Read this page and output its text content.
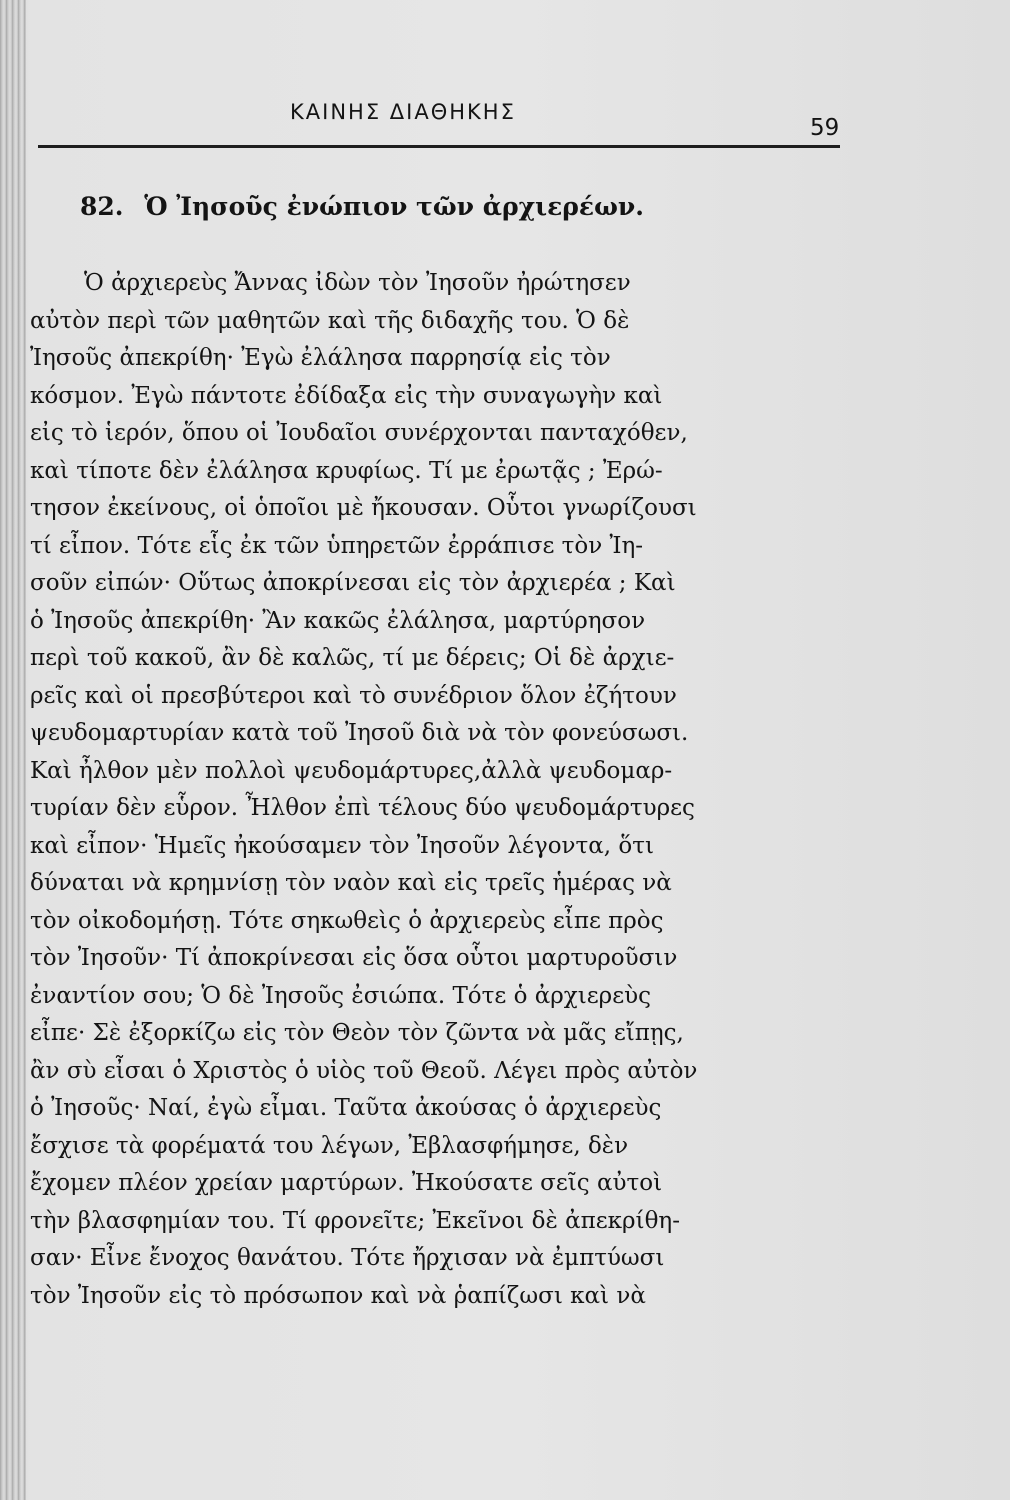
ΚΑΙΝΗΣ ΔΙΑΘΗΚΗΣ
59
82. Ὁ Ἰησοῦς ἐνώπιον τῶν ἀρχιερέων.
Ὁ ἀρχιερεὺς Ἄννας ἰδὼν τὸν Ἰησοῦν ἠρώτησεν
αὐτὸν περὶ τῶν μαθητῶν καὶ τῆς διδαχῆς του. Ὁ δὲ
Ἰησοῦς ἀπεκρίθη· Ἐγὼ ἐλάλησα παρρησίᾳ εἰς τὸν
κόσμον. Ἐγὼ πάντοτε ἐδίδαξα εἰς τὴν συναγωγὴν καὶ
εἰς τὸ ἱερόν, ὅπου οἱ Ἰουδαῖοι συνέρχονται πανταχόθεν,
καὶ τίποτε δὲν ἐλάλησα κρυφίως. Τί με ἐρωτᾷς ; Ἐρώ-
τησον ἐκείνους, οἱ ὁποῖοι μὲ ἤκουσαν. Οὗτοι γνωρίζουσι
τί εἶπον. Τότε εἷς ἐκ τῶν ὑπηρετῶν ἐρράπισε τὸν Ἰη-
σοῦν εἰπών· Οὕτως ἀποκρίνεσαι εἰς τὸν ἀρχιερέα ; Καὶ
ὁ Ἰησοῦς ἀπεκρίθη· Ἂν κακῶς ἐλάλησα, μαρτύρησον
περὶ τοῦ κακοῦ, ἂν δὲ καλῶς, τί με δέρεις; Οἱ δὲ ἀρχιε-
ρεῖς καὶ οἱ πρεσβύτεροι καὶ τὸ συνέδριον ὅλον ἐζήτουν
ψευδομαρτυρίαν κατὰ τοῦ Ἰησοῦ διὰ νὰ τὸν φονεύσωσι.
Καὶ ἦλθον μὲν πολλοὶ ψευδομάρτυρες,ἀλλὰ ψευδομαρ-
τυρίαν δὲν εὗρον. Ἦλθον ἐπὶ τέλους δύο ψευδομάρτυρες
καὶ εἶπον· Ἡμεῖς ἠκούσαμεν τὸν Ἰησοῦν λέγοντα, ὅτι
δύναται νὰ κρημνίσῃ τὸν ναὸν καὶ εἰς τρεῖς ἡμέρας νὰ
τὸν οἰκοδομήσῃ. Τότε σηκωθεὶς ὁ ἀρχιερεὺς εἶπε πρὸς
τὸν Ἰησοῦν· Τί ἀποκρίνεσαι εἰς ὅσα οὗτοι μαρτυροῦσιν
ἐναντίον σου; Ὁ δὲ Ἰησοῦς ἐσιώπα. Τότε ὁ ἀρχιερεὺς
εἶπε· Σὲ ἐξορκίζω εἰς τὸν Θεὸν τὸν ζῶντα νὰ μᾶς εἴπῃς,
ἂν σὺ εἶσαι ὁ Χριστὸς ὁ υἱὸς τοῦ Θεοῦ. Λέγει πρὸς αὐτὸν
ὁ Ἰησοῦς· Ναί, ἐγὼ εἶμαι. Ταῦτα ἀκούσας ὁ ἀρχιερεὺς
ἔσχισε τὰ φορέματά του λέγων, Ἐβλασφήμησε, δὲν
ἔχομεν πλέον χρείαν μαρτύρων. Ἠκούσατε σεῖς αὐτοὶ
τὴν βλασφημίαν του. Τί φρονεῖτε; Ἐκεῖνοι δὲ ἀπεκρίθη-
σαν· Εἶνε ἔνοχος θανάτου. Τότε ἤρχισαν νὰ ἐμπτύωσι
τὸν Ἰησοῦν εἰς τὸ πρόσωπον καὶ νὰ ῥαπίζωσι καὶ νὰ
